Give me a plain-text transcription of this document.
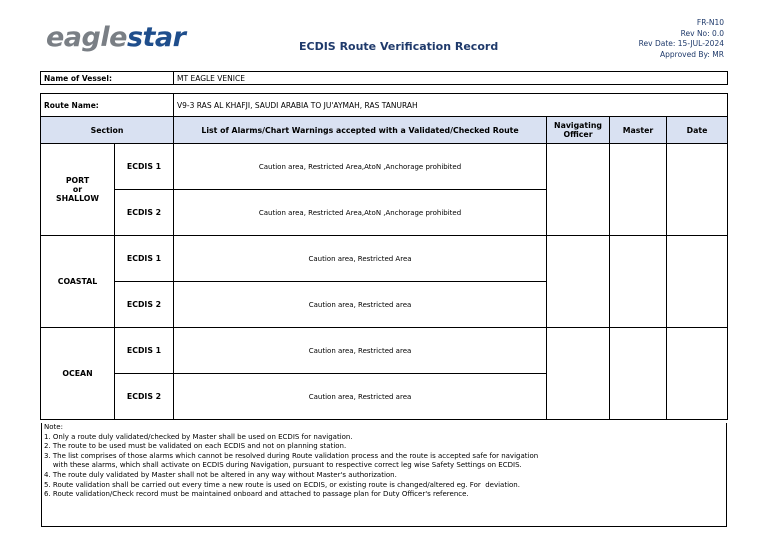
eaglestar	ECDIS Route Verification Record
FR-N10
Rev No: 0.0
Rev Date: 15-JUL-2024
Approved By: MR
Name of Vessel:		MT EAGLE VENICE			

Route Name:		V9-3 RAS AL KHAFJI, SAUDI ARABIA TO JU'AYMAH, RAS TANURAH			
Section		List of Alarms/Chart Warnings accepted with a Validated/Checked Route	Navigating Officer	Master	Date

PORT
or
SHALLOW	ECDIS 1	Caution area, Restricted Area,AtoN ,Anchorage prohibited			
	ECDIS 2	Caution area, Restricted Area,AtoN ,Anchorage prohibited			
COASTAL	ECDIS 1	Caution area, Restricted Area			
	ECDIS 2	Caution area, Restricted area			
OCEAN	ECDIS 1	Caution area, Restricted area			
	ECDIS 2	Caution area, Restricted area			
Note:
1. Only a route duly validated/checked by Master shall be used on ECDIS for navigation.
2. The route to be used must be validated on each ECDIS and not on planning station.
3. The list comprises of those alarms which cannot be resolved during Route validation process and the route is accepted safe for navigation
with these alarms, which shall activate on ECDIS during Navigation, pursuant to respective correct leg wise Safety Settings on ECDIS.
4. The route duly validated by Master shall not be altered in any way without Master's authorization.
5. Route validation shall be carried out every time a new route is used on ECDIS, or existing route is changed/altered eg. For  deviation.
6. Route validation/Check record must be maintained onboard and attached to passage plan for Duty Officer's reference.
